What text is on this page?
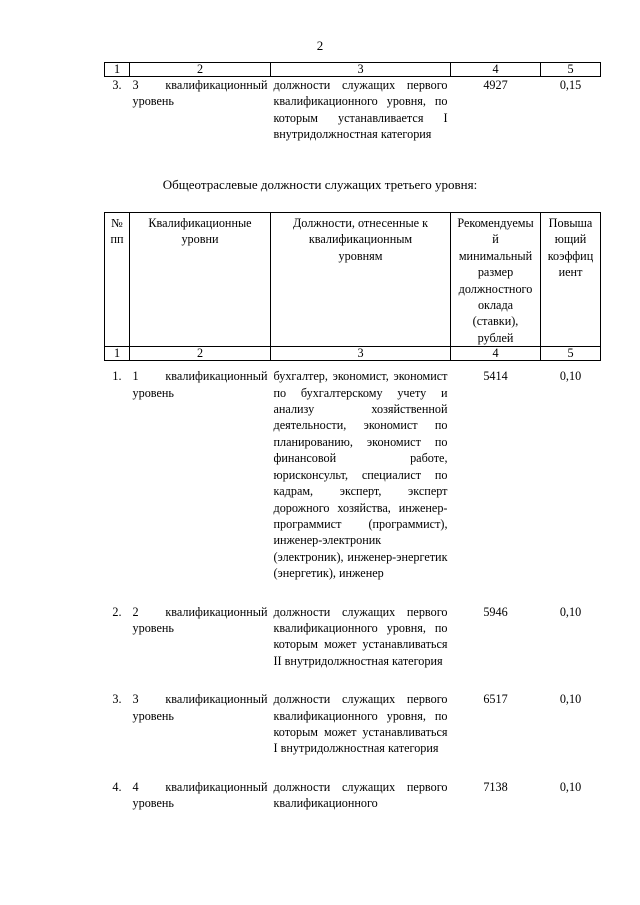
2
1	2	3	4	5
3.	3 квалификационный уровень	должности служащих первого квалификационного уровня, по которым устанавливается I внутридолжностная категория	4927	0,15
Общеотраслевые должности служащих третьего уровня:
№ пп	Квалификационные уровни	Должности, отнесенные к квалификационным уровням	Рекомендуемый минимальный размер должностного оклада (ставки), рублей	Повышающий коэффициент
1	2	3	4	5
1.	1 квалификационный уровень	бухгалтер, экономист, экономист по бухгалтерскому учету и анализу хозяйственной деятельности, экономист по планированию, экономист по финансовой работе, юрисконсульт, специалист по кадрам, эксперт, эксперт дорожного хозяйства, инженер-программист (программист), инженер-электроник (электроник), инженер-энергетик (энергетик), инженер	5414	0,10

2.	2 квалификационный уровень	должности служащих первого квалификационного уровня, по которым может устанавливаться II внутридолжностная категория	5946	0,10

3.	3 квалификационный уровень	должности служащих первого квалификационного уровня, по которым может устанавливаться I внутридолжностная категория	6517	0,10

4.	4 квалификационный уровень	должности служащих первого квалификационного	7138	0,10
